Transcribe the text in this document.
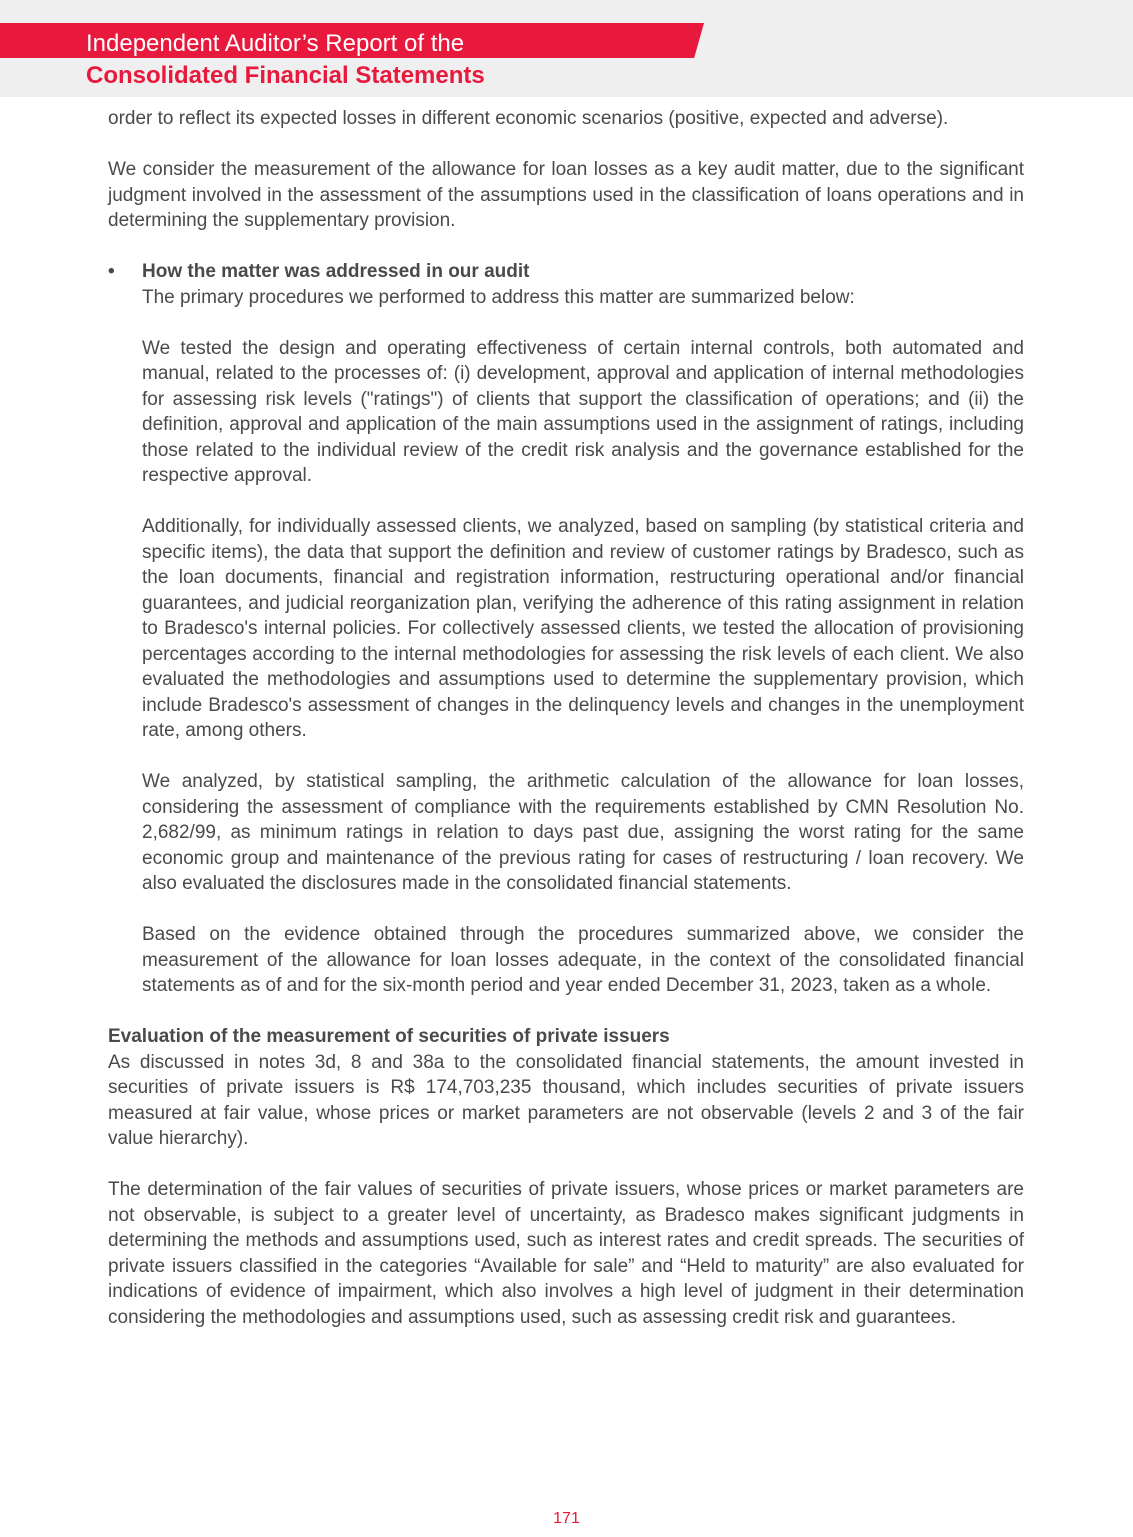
Independent Auditor’s Report of the
Consolidated Financial Statements

order to reflect its expected losses in different economic scenarios (positive, expected and adverse).

We consider the measurement of the allowance for loan losses as a key audit matter, due to the significant judgment involved in the assessment of the assumptions used in the classification of loans operations and in determining the supplementary provision.

•	How the matter was addressed in our audit

The primary procedures we performed to address this matter are summarized below:

We tested the design and operating effectiveness of certain internal controls, both automated and manual, related to the processes of: (i) development, approval and application of internal methodologies for assessing risk levels ("ratings") of clients that support the classification of operations; and (ii) the definition, approval and application of the main assumptions used in the assignment of ratings, including those related to the individual review of the credit risk analysis and the governance established for the respective approval.

Additionally, for individually assessed clients, we analyzed, based on sampling (by statistical criteria and specific items), the data that support the definition and review of customer ratings by Bradesco, such as the loan documents, financial and registration information, restructuring operational and/or financial guarantees, and judicial reorganization plan, verifying the adherence of this rating assignment in relation to Bradesco's internal policies. For collectively assessed clients, we tested the allocation of provisioning percentages according to the internal methodologies for assessing the risk levels of each client. We also evaluated the methodologies and assumptions used to determine the supplementary provision, which include Bradesco's assessment of changes in the delinquency levels and changes in the unemployment rate, among others.

We analyzed, by statistical sampling, the arithmetic calculation of the allowance for loan losses, considering the assessment of compliance with the requirements established by CMN Resolution No. 2,682/99, as minimum ratings in relation to days past due, assigning the worst rating for the same economic group and maintenance of the previous rating for cases of restructuring / loan recovery. We also evaluated the disclosures made in the consolidated financial statements.

Based on the evidence obtained through the procedures summarized above, we consider the measurement of the allowance for loan losses adequate, in the context of the consolidated financial statements as of and for the six-month period and year ended December 31, 2023, taken as a whole.

Evaluation of the measurement of securities of private issuers

As discussed in notes 3d, 8 and 38a to the consolidated financial statements, the amount invested in securities of private issuers is R$ 174,703,235 thousand, which includes securities of private issuers measured at fair value, whose prices or market parameters are not observable (levels 2 and 3 of the fair value hierarchy).

The determination of the fair values of securities of private issuers, whose prices or market parameters are not observable, is subject to a greater level of uncertainty, as Bradesco makes significant judgments in determining the methods and assumptions used, such as interest rates and credit spreads. The securities of private issuers classified in the categories “Available for sale” and “Held to maturity” are also evaluated for indications of evidence of impairment, which also involves a high level of judgment in their determination considering the methodologies and assumptions used, such as assessing credit risk and guarantees.

171
